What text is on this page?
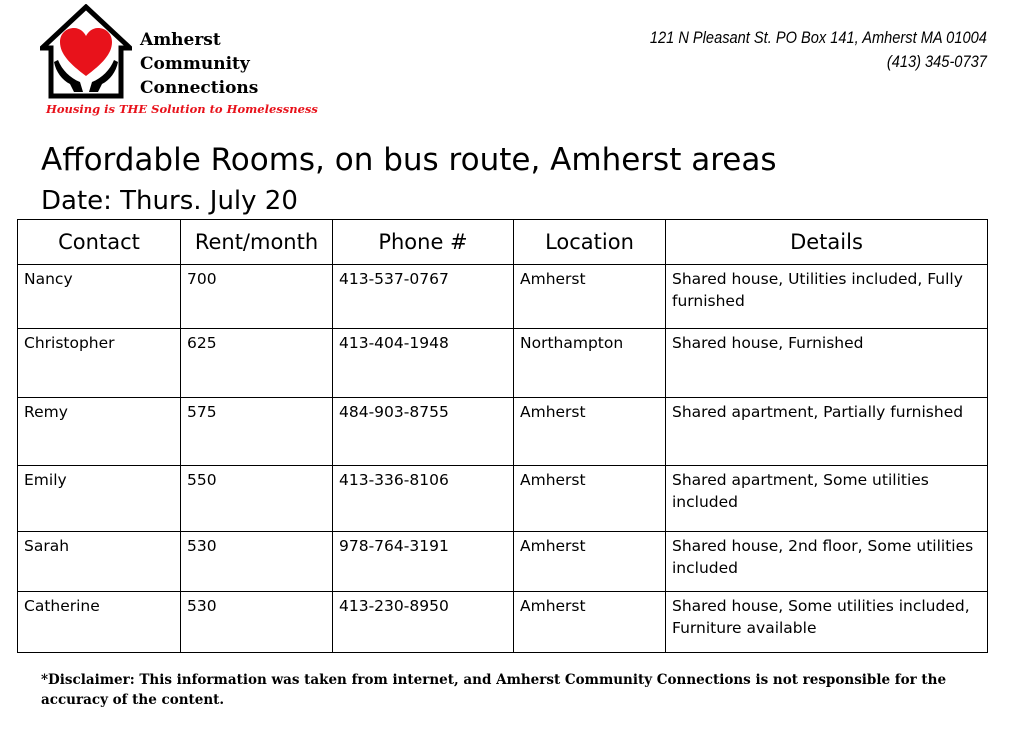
Amherst
Community
Connections
Housing is THE Solution to Homelessness
121 N Pleasant St. PO Box 141, Amherst MA 01004
(413) 345-0737
Affordable Rooms, on bus route, Amherst areas
Date: Thurs. July 20
Contact	Rent/month	Phone #	Location	Details
Nancy	700	413-537-0767	Amherst	Shared house, Utilities included, Fully furnished
Christopher	625	413-404-1948	Northampton	Shared house, Furnished
Remy	575	484-903-8755	Amherst	Shared apartment, Partially furnished
Emily	550	413-336-8106	Amherst	Shared apartment, Some utilities included
Sarah	530	978-764-3191	Amherst	Shared house, 2nd floor, Some utilities included
Catherine	530	413-230-8950	Amherst	Shared house, Some utilities included, Furniture available
*Disclaimer: This information was taken from internet, and Amherst Community Connections is not responsible for the accuracy of the content.
